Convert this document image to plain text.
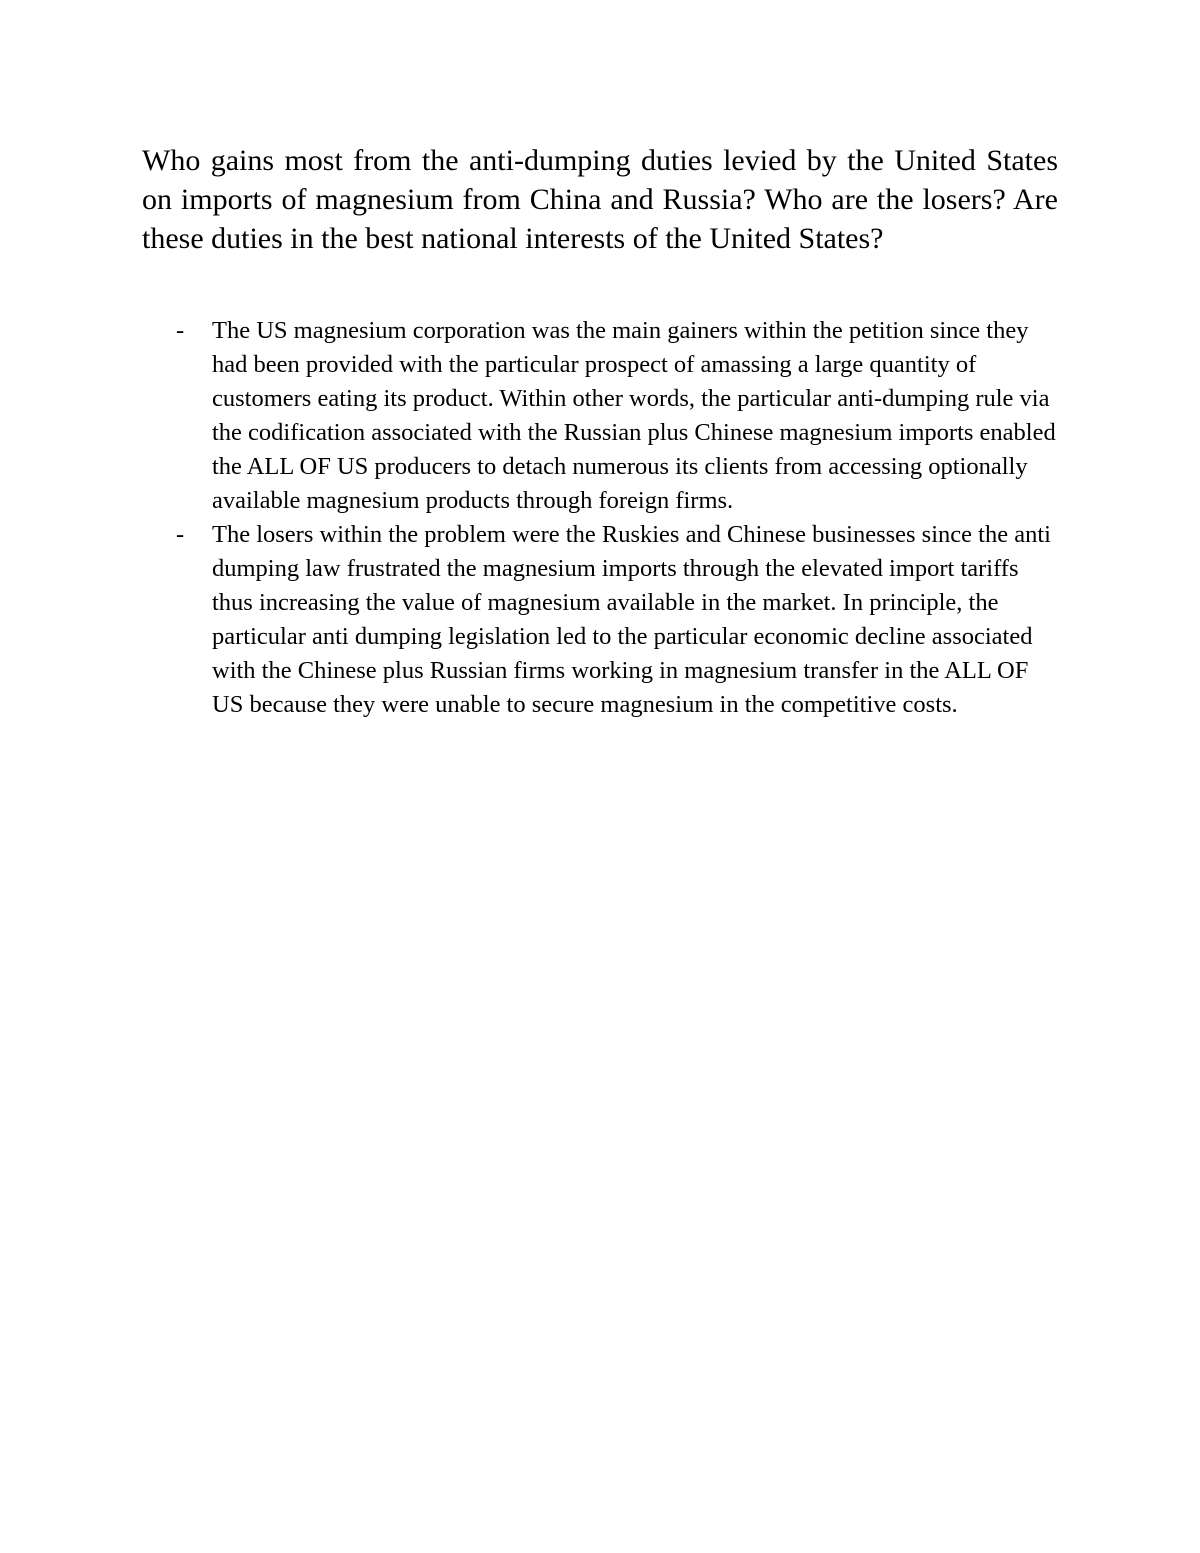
Who gains most from the anti-dumping duties levied by the United States on imports of magnesium from China and Russia? Who are the losers? Are these duties in the best national interests of the United States?

-	The US magnesium corporation was the main gainers within the petition since they had been provided with the particular prospect of amassing a large quantity of customers eating its product. Within other words, the particular anti-dumping rule via the codification associated with the Russian plus Chinese magnesium imports enabled the ALL OF US producers to detach numerous its clients from accessing optionally available magnesium products through foreign firms.
-	The losers within the problem were the Ruskies and Chinese businesses since the anti dumping law frustrated the magnesium imports through the elevated import tariffs thus increasing the value of magnesium available in the market. In principle, the particular anti dumping legislation led to the particular economic decline associated with the Chinese plus Russian firms working in magnesium transfer in the ALL OF US because they were unable to secure magnesium in the competitive costs.
